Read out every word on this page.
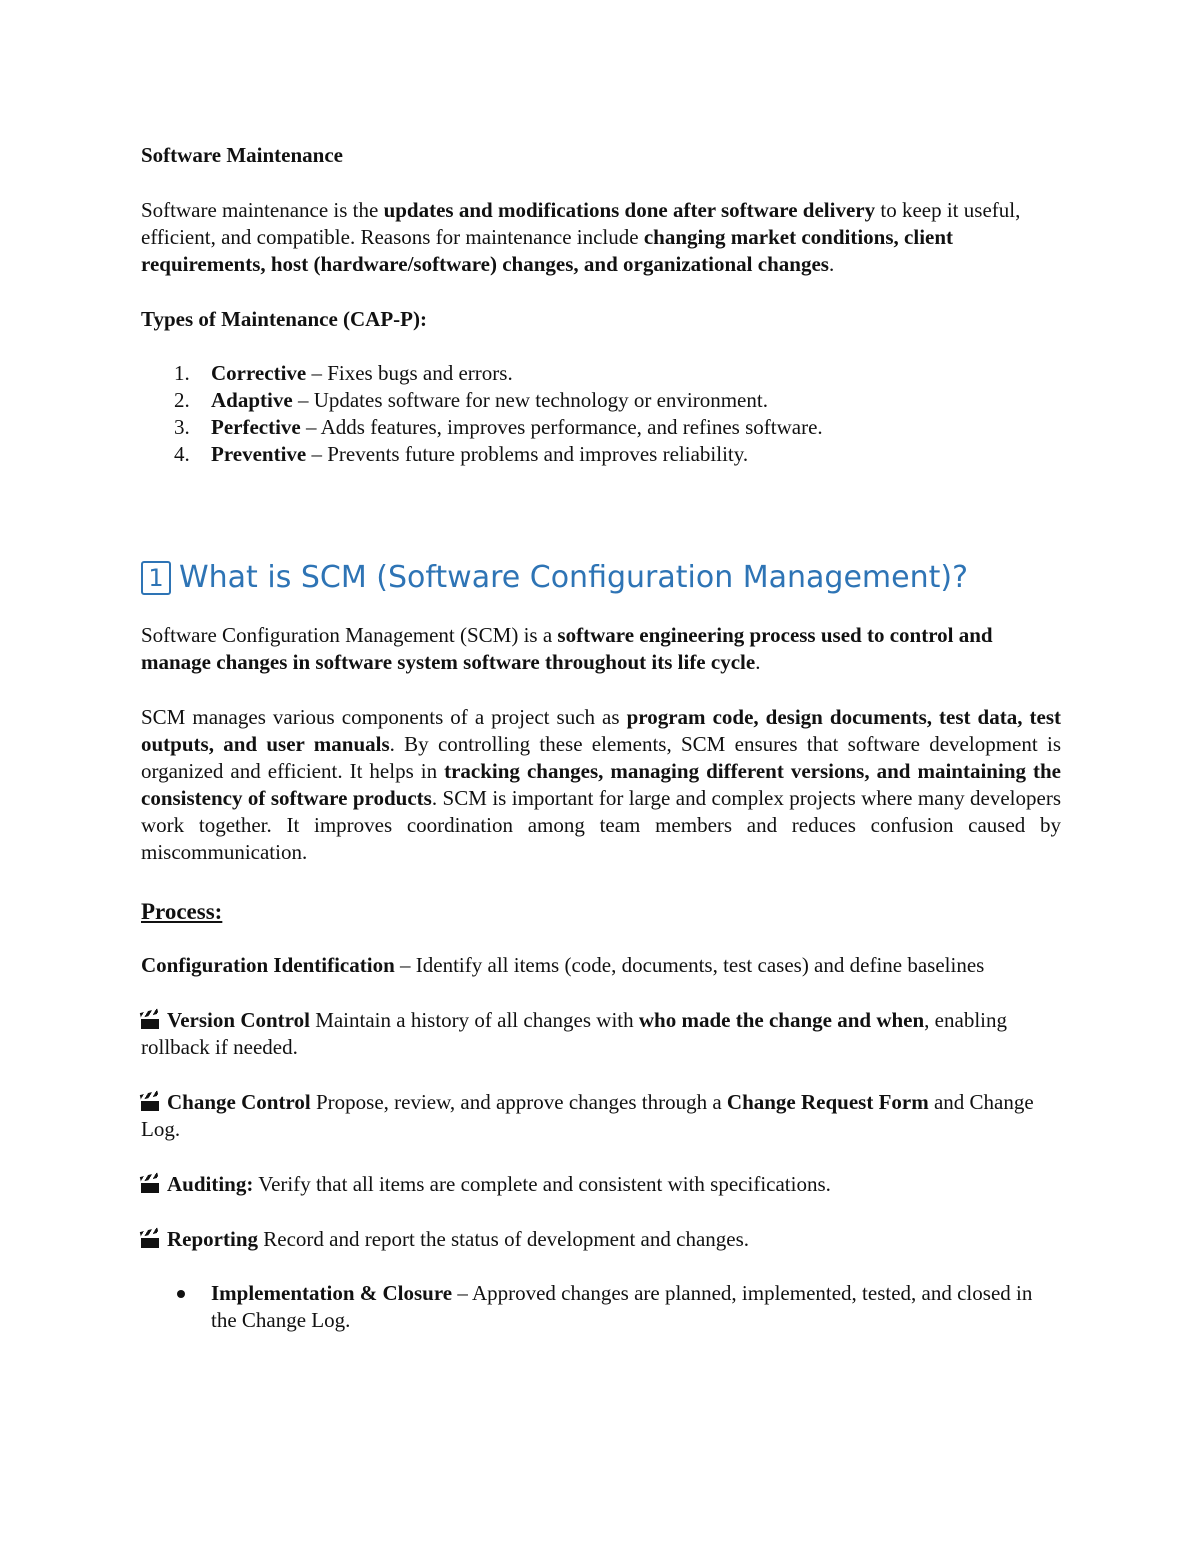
Software Maintenance

Software maintenance is the updates and modifications done after software delivery to keep it useful, efficient, and compatible. Reasons for maintenance include changing market conditions, client requirements, host (hardware/software) changes, and organizational changes.

Types of Maintenance (CAP-P):

1. Corrective – Fixes bugs and errors.
2. Adaptive – Updates software for new technology or environment.
3. Perfective – Adds features, improves performance, and refines software.
4. Preventive – Prevents future problems and improves reliability.
1 What is SCM (Software Configuration Management)?

Software Configuration Management (SCM) is a software engineering process used to control and manage changes in software system software throughout its life cycle.

SCM manages various components of a project such as program code, design documents, test data, test outputs, and user manuals. By controlling these elements, SCM ensures that software development is organized and efficient. It helps in tracking changes, managing different versions, and maintaining the consistency of software products. SCM is important for large and complex projects where many developers work together. It improves coordination among team members and reduces confusion caused by miscommunication.

Process:

Configuration Identification – Identify all items (code, documents, test cases) and define baselines

Version Control Maintain a history of all changes with who made the change and when, enabling rollback if needed.

Change Control Propose, review, and approve changes through a Change Request Form and Change Log.

Auditing: Verify that all items are complete and consistent with specifications.

Reporting Record and report the status of development and changes.

Implementation & Closure – Approved changes are planned, implemented, tested, and closed in the Change Log.
